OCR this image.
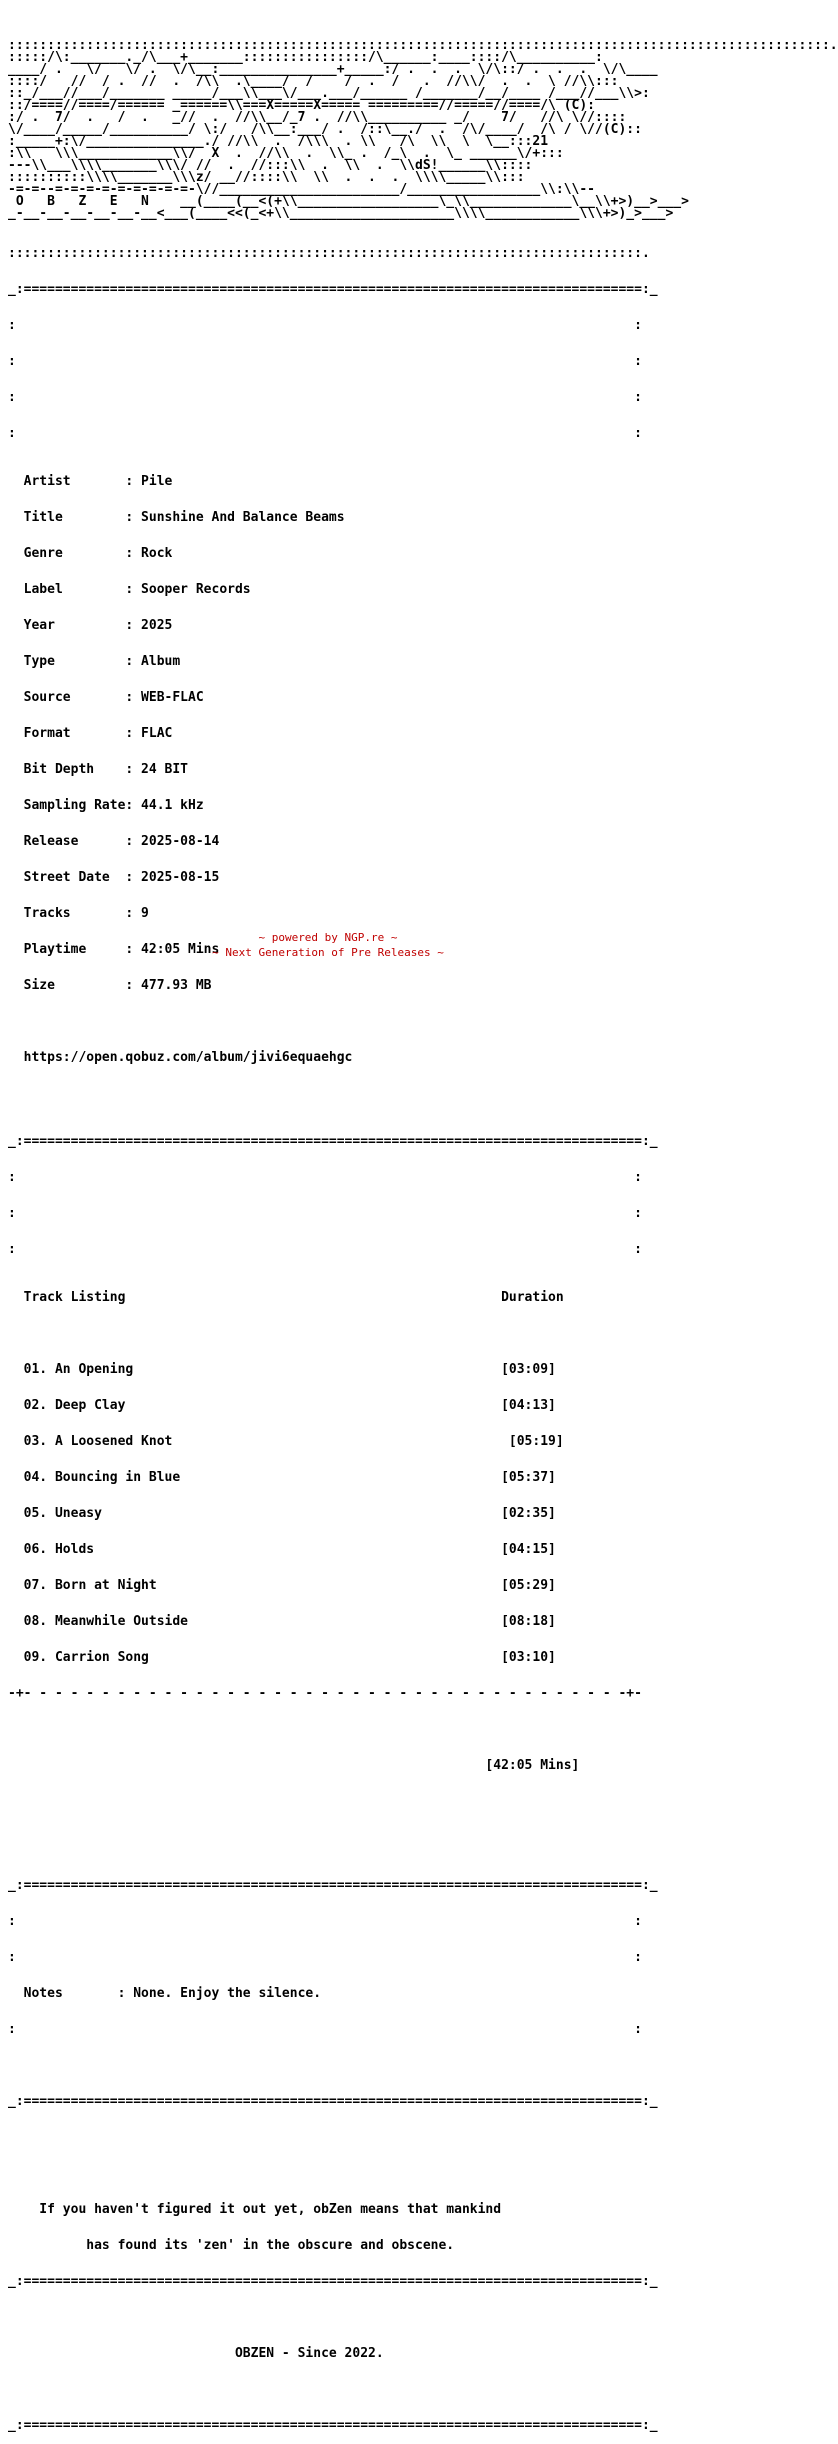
:::::::::::::::::::::::::::::::::::::::::::::::::::::::::::::::::::::::::::::::::::::::::::::::::::::::::.
:::::/\:_______._/\___+_______::::::::::::::::/\______:____::::/\__________:
____/ .   \/   \/ .  \/\__:_______________+_____:/ .  .  .  \/\::/ .  .  .  \/\____
::::/   //  / .  //  .  /\\  .\____/  /    /  .  /   .  //\\/  .  .  \ //\\:::
::_/___//___/_______ _____/___\\___\/___.___/______ /_______/__/____ /___//___\\>:
::/====//====/====== _======\\===X=====X===== =========//=====//====/\ (C):
:/ .  7/  .   /  .   _//  .  //\\__/_7 .  //\\__________ _/    7/   //\ \//::::
\/____/_____/__________/ \:/   /\\__:___/ .  /::\__./  .  /\/____/  /\ / \//(C)::
:_____+:\/_______________./ //\\  .  /\\\  . \\   /\  \\  \  \__:::21
:\\   \\\____________\\/  X  .  //\\  .  \\_ .  /_\  .  \_ ______\/+:::
---\\___\\\\_______\\\/ //  .  //:::\\  .  \\  .  \\dS!______\\::::
::::::::::\\\\_______\\\z/ __//::::\\  \\  .  .  .  \\\\_____\\:::
-=-=--=-=-=-=-=-=-=-=-=-\//_______________________/_________________\\:\\--
O   B   Z   E   N    __(____(__<(+\\__________________\_\\_____________\__\\+>)__>___>
_-__-__-__-__-__-__<___(____<<(_<+\\_____________________\\\\____________\\\+>)_>___>

:::::::::::::::::::::::::::::::::::::::::::::::::::::::::::::::::::::::::::::::::.

_:===============================================================================:_

:                                                                               :

:                                                                               :

:                                                                               :

:                                                                               :

Artist       : Pile

Title        : Sunshine And Balance Beams

Genre        : Rock

Label        : Sooper Records

Year         : 2025

Type         : Album

Source       : WEB-FLAC

Format       : FLAC

Bit Depth    : 24 BIT

Sampling Rate: 44.1 kHz

Release      : 2025-08-14

Street Date  : 2025-08-15

Tracks       : 9

Playtime     : 42:05 Mins

Size         : 477.93 MB

https://open.qobuz.com/album/jivi6equaehgc

_:===============================================================================:_

:                                                                               :

:                                                                               :

:                                                                               :

Track Listing                                                Duration

01. An Opening                                               [03:09]

02. Deep Clay                                                [04:13]

03. A Loosened Knot                                           [05:19]

04. Bouncing in Blue                                         [05:37]

05. Uneasy                                                   [02:35]

06. Holds                                                    [04:15]

07. Born at Night                                            [05:29]

08. Meanwhile Outside                                        [08:18]

09. Carrion Song                                             [03:10]

-+- - - - - - - - - - - - - - - - - - - - - - - - - - - - - - - - - - - - - - -+-

[42:05 Mins]

_:===============================================================================:_

:                                                                               :

:                                                                               :

Notes       : None. Enjoy the silence.

:                                                                               :

_:===============================================================================:_

If you haven't figured it out yet, obZen means that mankind

has found its 'zen' in the obscure and obscene.

_:===============================================================================:_

OBZEN - Since 2022.

_:===============================================================================:_

~ powered by NGP.re ~
~ Next Generation of Pre Releases ~
